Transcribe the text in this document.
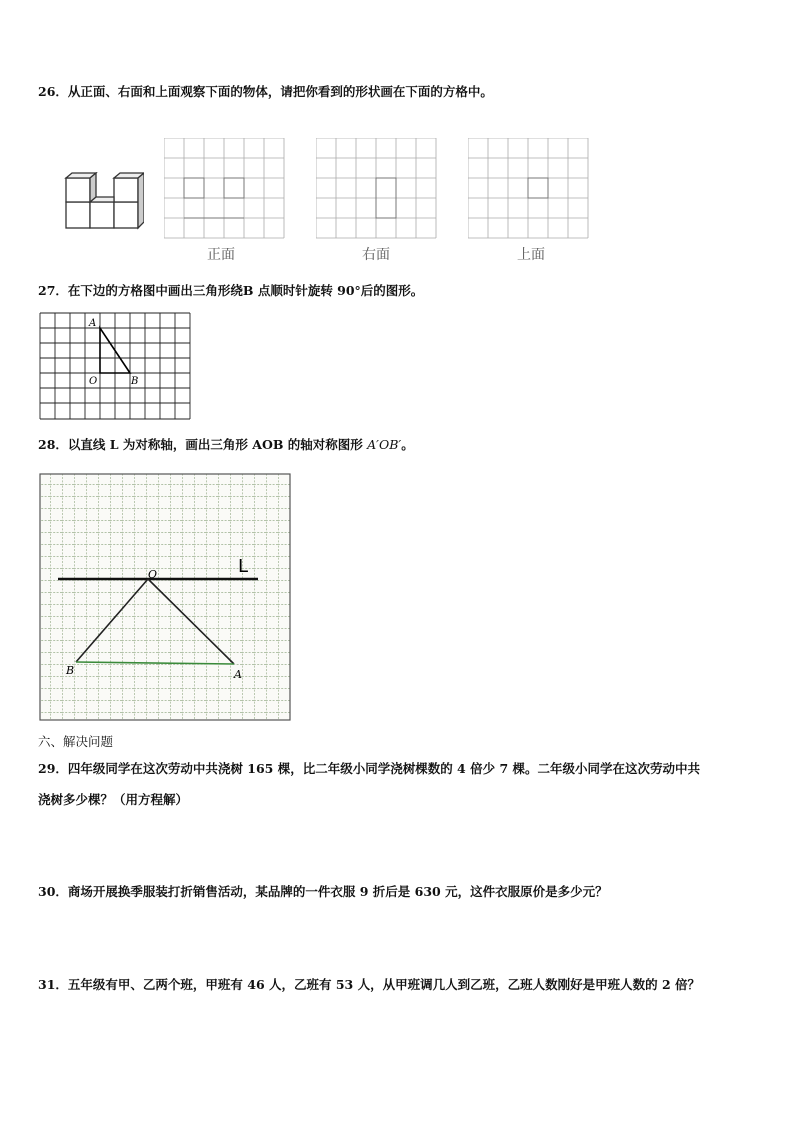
26．从正面、右面和上面观察下面的物体，请把你看到的形状画在下面的方格中。
正面	右面	上面
27．在下边的方格图中画出三角形绕B 点顺时针旋转 90°后的图形。
A
O	B
28．以直线 L 为对称轴，画出三角形 AOB 的轴对称图形 A′OB′。
L
O
A
B
六、解决问题
29．四年级同学在这次劳动中共浇树 165 棵，比二年级小同学浇树棵数的 4 倍少 7 棵。二年级小同学在这次劳动中共
浇树多少棵？（用方程解）
30．商场开展换季服装打折销售活动，某品牌的一件衣服 9 折后是 630 元，这件衣服原价是多少元？
31．五年级有甲、乙两个班，甲班有 46 人，乙班有 53 人，从甲班调几人到乙班，乙班人数刚好是甲班人数的 2 倍？
